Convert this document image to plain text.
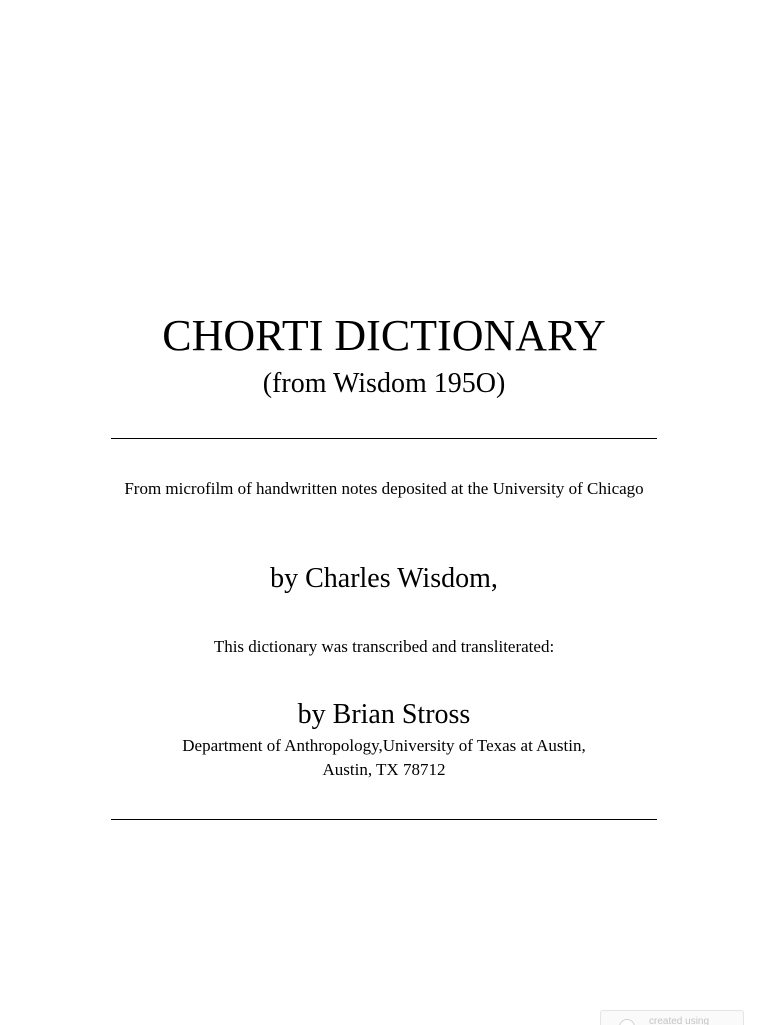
CHORTI DICTIONARY
(from Wisdom 195O)
From microfilm of handwritten notes deposited at the University of Chicago
by Charles Wisdom,
This dictionary was transcribed and transliterated:
by Brian Stross
Department of Anthropology,University of Texas at Austin,
Austin, TX 78712
created using
